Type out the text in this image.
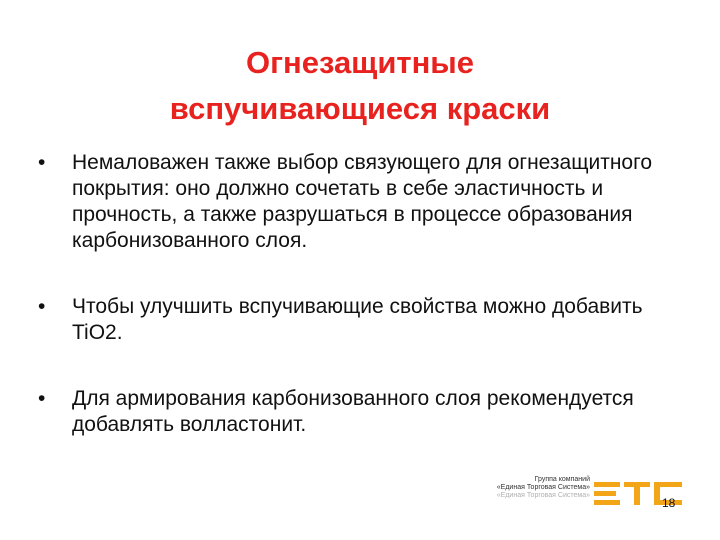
Огнезащитные
вспучивающиеся краски
• Немаловажен также выбор связующего для огнезащитного покрытия: оно должно сочетать в себе эластичность и прочность, а также разрушаться в процессе образования карбонизованного слоя.
• Чтобы улучшить вспучивающие свойства можно добавить TiO2.
• Для армирования карбонизованного слоя рекомендуется добавлять волластонит.
Группа компаний
«Единая Торговая Система»
«Единая Торговая Система»
18
